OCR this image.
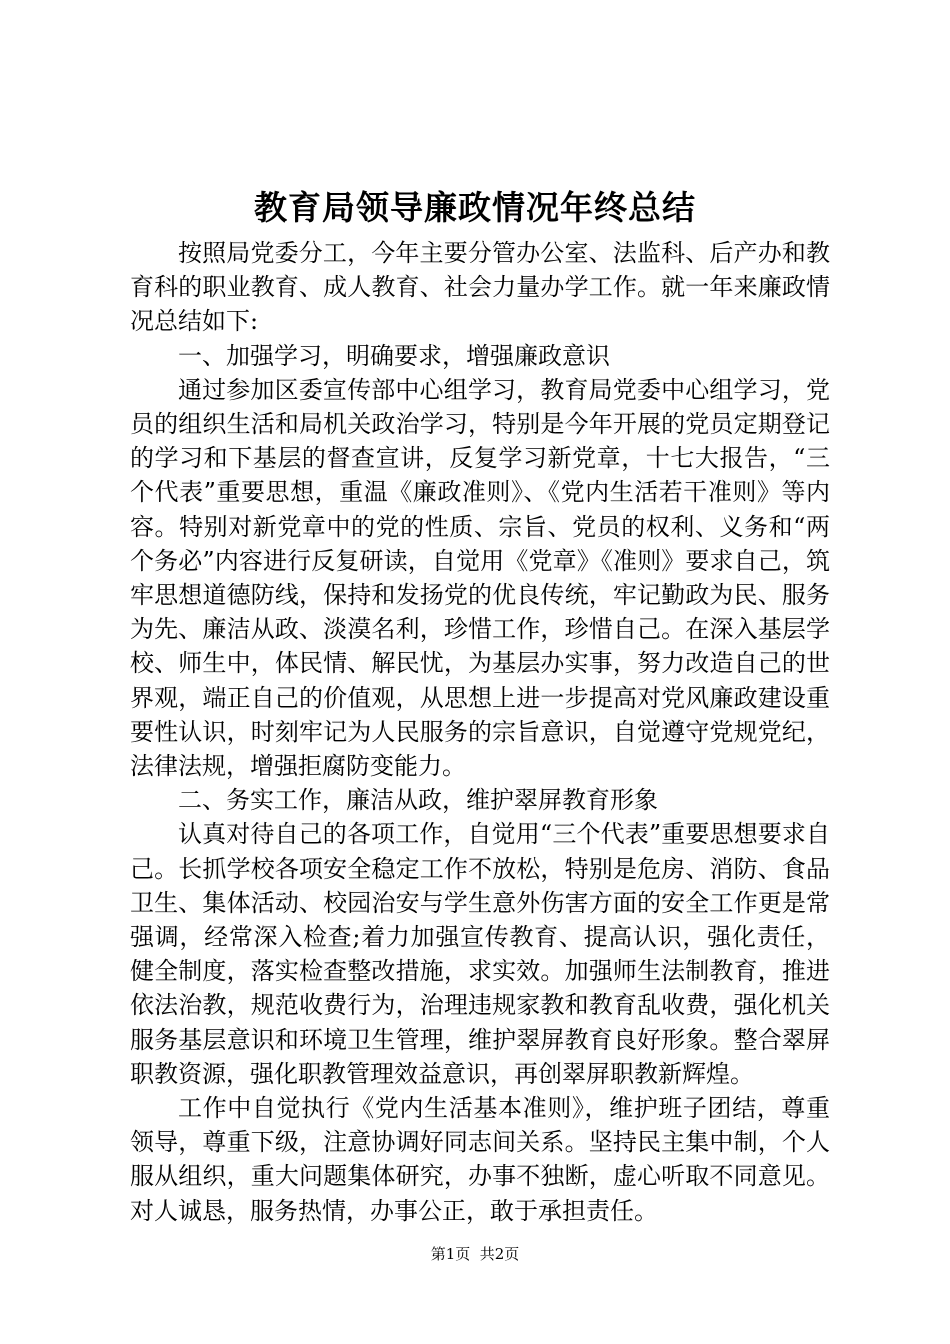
教育局领导廉政情况年终总结

按照局党委分工，今年主要分管办公室、法监科、后产办和教育科的职业教育、成人教育、社会力量办学工作。就一年来廉政情况总结如下:

一、加强学习，明确要求，增强廉政意识

通过参加区委宣传部中心组学习，教育局党委中心组学习，党员的组织生活和局机关政治学习，特别是今年开展的党员定期登记的学习和下基层的督查宣讲，反复学习新党章，十七大报告，“三个代表”重要思想，重温《廉政准则》、《党内生活若干准则》等内容。特别对新党章中的党的性质、宗旨、党员的权利、义务和“两个务必”内容进行反复研读，自觉用《党章》《准则》要求自己，筑牢思想道德防线，保持和发扬党的优良传统，牢记勤政为民、服务为先、廉洁从政、淡漠名利，珍惜工作，珍惜自己。在深入基层学校、师生中，体民情、解民忧，为基层办实事，努力改造自己的世界观，端正自己的价值观，从思想上进一步提高对党风廉政建设重要性认识，时刻牢记为人民服务的宗旨意识，自觉遵守党规党纪，法律法规，增强拒腐防变能力。

二、务实工作，廉洁从政，维护翠屏教育形象

认真对待自己的各项工作，自觉用“三个代表”重要思想要求自己。长抓学校各项安全稳定工作不放松，特别是危房、消防、食品卫生、集体活动、校园治安与学生意外伤害方面的安全工作更是常强调，经常深入检查;着力加强宣传教育、提高认识，强化责任，健全制度，落实检查整改措施，求实效。加强师生法制教育，推进依法治教，规范收费行为，治理违规家教和教育乱收费，强化机关服务基层意识和环境卫生管理，维护翠屏教育良好形象。整合翠屏职教资源，强化职教管理效益意识，再创翠屏职教新辉煌。

工作中自觉执行《党内生活基本准则》，维护班子团结，尊重领导，尊重下级，注意协调好同志间关系。坚持民主集中制，个人服从组织，重大问题集体研究，办事不独断，虚心听取不同意见。对人诚恳，服务热情，办事公正，敢于承担责任。

第1页  共2页
